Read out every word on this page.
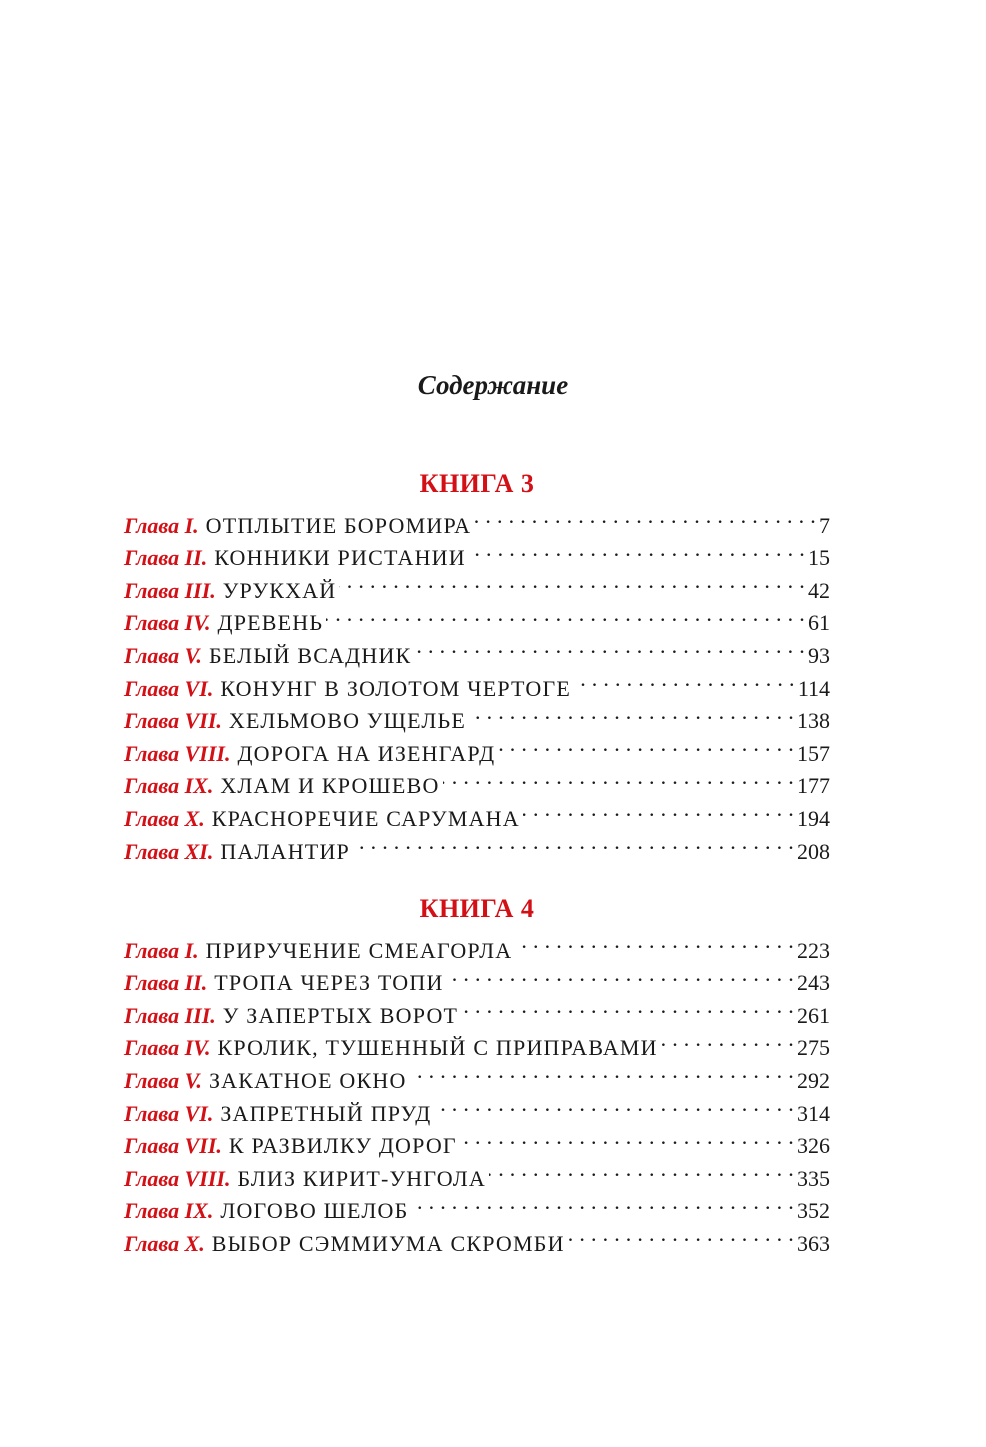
Содержание
КНИГА 3
Глава I. ОТПЛЫТИЕ БОРОМИРА . . .	7
Глава II. КОННИКИ РИСТАНИИ . . .	15
Глава III. УРУКХАЙ . . .	42
Глава IV. ДРЕВЕНЬ . . .	61
Глава V. БЕЛЫЙ ВСАДНИК . . .	93
Глава VI. КОНУНГ В ЗОЛОТОМ ЧЕРТОГЕ . . .	114
Глава VII. ХЕЛЬМОВО УЩЕЛЬЕ . . .	138
Глава VIII. ДОРОГА НА ИЗЕНГАРД . . .	157
Глава IX. ХЛАМ И КРОШЕВО . . .	177
Глава X. КРАСНОРЕЧИЕ САРУМАНА . . .	194
Глава XI. ПАЛАНТИР . . .	208
КНИГА 4
Глава I. ПРИРУЧЕНИЕ СМЕАГОРЛА . . .	223
Глава II. ТРОПА ЧЕРЕЗ ТОПИ . . .	243
Глава III. У ЗАПЕРТЫХ ВОРОТ . . .	261
Глава IV. КРОЛИК, ТУШЕННЫЙ С ПРИПРАВАМИ . . .	275
Глава V. ЗАКАТНОЕ ОКНО . . .	292
Глава VI. ЗАПРЕТНЫЙ ПРУД . . .	314
Глава VII. К РАЗВИЛКУ ДОРОГ . . .	326
Глава VIII. БЛИЗ КИРИТ-УНГОЛА . . .	335
Глава IX. ЛОГОВО ШЕЛОБ . . .	352
Глава X. ВЫБОР СЭММИУМА СКРОМБИ . . .	363
